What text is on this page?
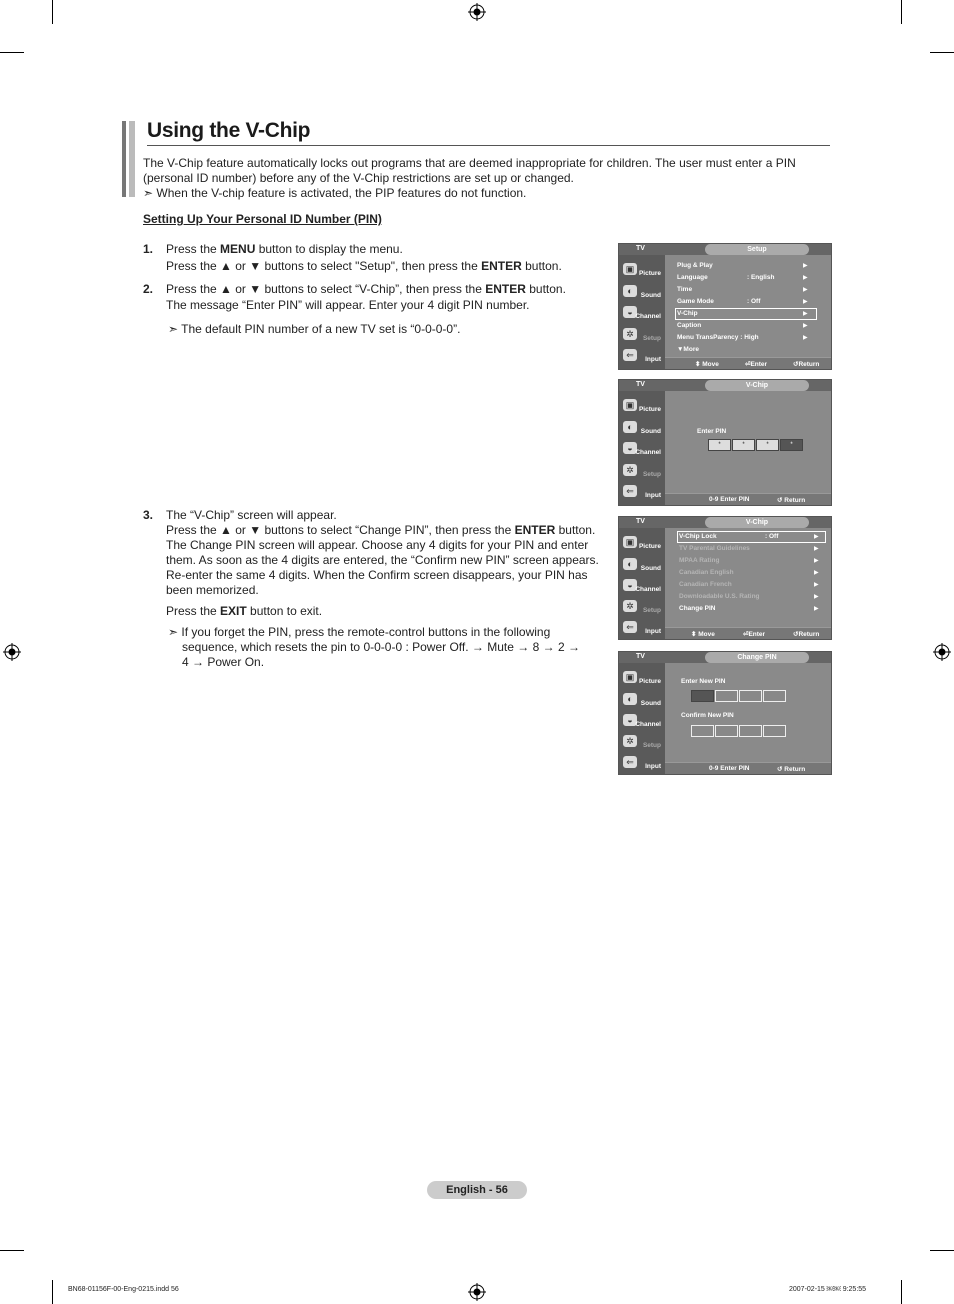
Using the V-Chip
The V-Chip feature automatically locks out programs that are deemed inappropriate for children. The user must enter a PIN
(personal ID number) before any of the V-Chip restrictions are set up or changed.
➣ When the V-chip feature is activated, the PIP features do not function.
Setting Up Your Personal ID Number (PIN)
1. Press the MENU button to display the menu.
Press the ▲ or ▼ buttons to select "Setup", then press the ENTER button.
2. Press the ▲ or ▼ buttons to select “V-Chip”, then press the ENTER button.
The message “Enter PIN” will appear. Enter your 4 digit PIN number.
➣ The default PIN number of a new TV set is “0-0-0-0”.
3. The “V-Chip” screen will appear.
Press the ▲ or ▼ buttons to select “Change PIN”, then press the ENTER button.
The Change PIN screen will appear. Choose any 4 digits for your PIN and enter
them. As soon as the 4 digits are entered, the “Confirm new PIN” screen appears.
Re-enter the same 4 digits. When the Confirm screen disappears, your PIN has
been memorized.
Press the EXIT button to exit.
➣ If you forget the PIN, press the remote-control buttons in the following
sequence, which resets the pin to 0-0-0-0 : Power Off. → Mute → 8 → 2 →
4 → Power On.
TV	Setup
▣ Picture
◐	Sound
◒ Channel
✲	Setup
⇐	Input
Plug & Play	▶
Language	: English	▶
Time	▶
Game Mode	: Off	▶
V-Chip	▶
Caption	▶
Menu TransParency : High	▶
▼More
⬍ Move	⏎Enter	↺Return
TV	V-Chip
▣ Picture
◐	Sound
◒ Channel
✲	Setup
⇐	Input
Enter PIN
*	*	*	*
0-9 Enter PIN	↺ Return
TV	V-Chip
▣ Picture
◐	Sound
◒ Channel
✲	Setup
⇐	Input
V-Chip Lock	: Off	▶
TV Parental Guidelines	▶
MPAA Rating	▶
Canadian English	▶
Canadian French	▶
Downloadable U.S. Rating	▶
Change PIN	▶
⬍ Move	⏎Enter	↺Return
TV	Change PIN
▣ Picture
◐	Sound
◒ Channel
✲	Setup
⇐	Input
Enter New PIN
Confirm New PIN
0-9 Enter PIN	↺ Return
English - 56
BN68-01156F-00-Eng-0215.indd 56	2007-02-15 ￼￼ 9:25:55
